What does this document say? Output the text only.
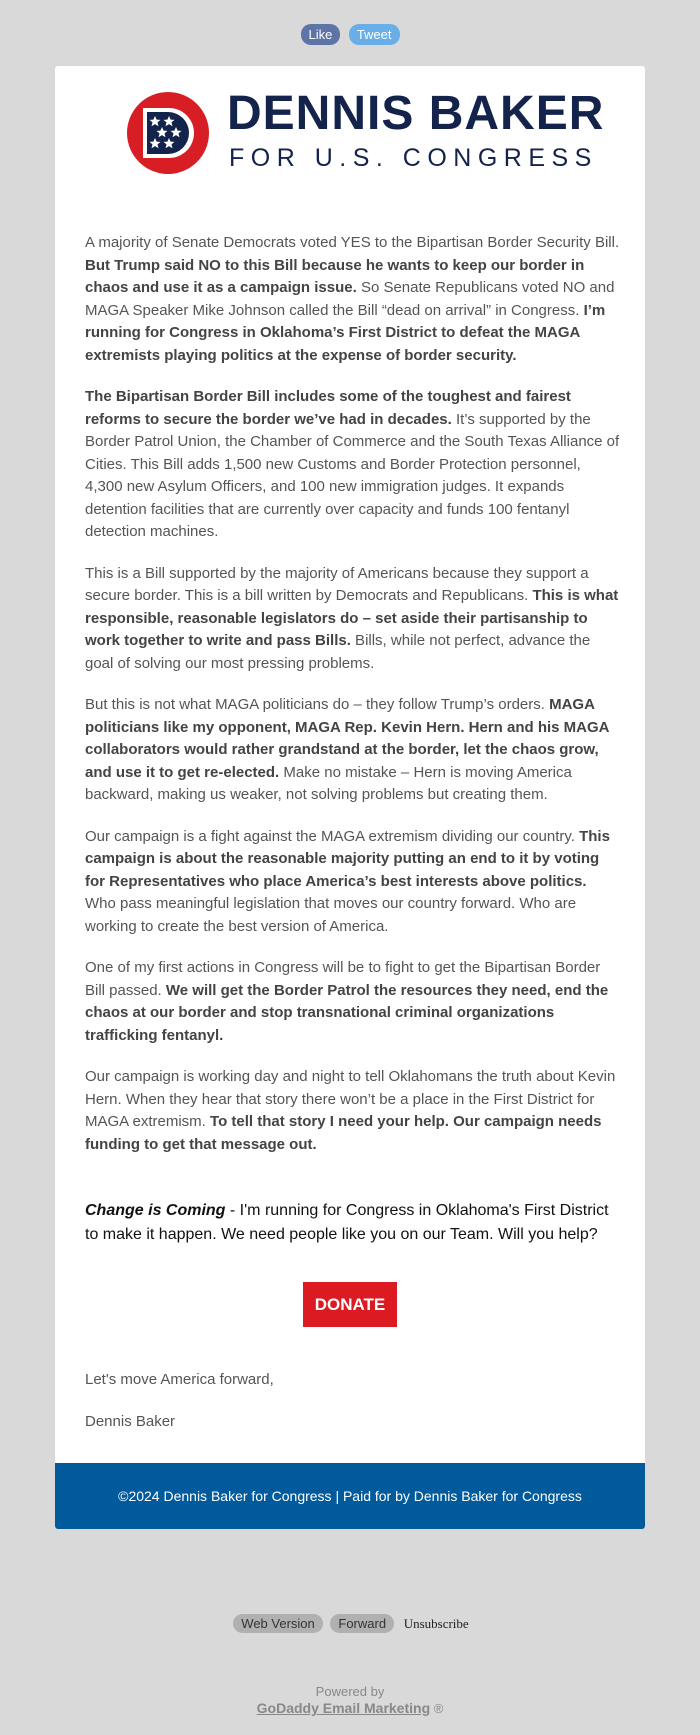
Like Tweet
DENNIS BAKER
FOR U.S. CONGRESS

A majority of Senate Democrats voted YES to the Bipartisan Border Security Bill. But Trump said NO to this Bill because he wants to keep our border in chaos and use it as a campaign issue. So Senate Republicans voted NO and MAGA Speaker Mike Johnson called the Bill “dead on arrival” in Congress. I’m running for Congress in Oklahoma’s First District to defeat the MAGA extremists playing politics at the expense of border security.

The Bipartisan Border Bill includes some of the toughest and fairest reforms to secure the border we’ve had in decades. It’s supported by the Border Patrol Union, the Chamber of Commerce and the South Texas Alliance of Cities. This Bill adds 1,500 new Customs and Border Protection personnel, 4,300 new Asylum Officers, and 100 new immigration judges. It expands detention facilities that are currently over capacity and funds 100 fentanyl detection machines.

This is a Bill supported by the majority of Americans because they support a secure border. This is a bill written by Democrats and Republicans. This is what responsible, reasonable legislators do – set aside their partisanship to work together to write and pass Bills. Bills, while not perfect, advance the goal of solving our most pressing problems.

But this is not what MAGA politicians do – they follow Trump’s orders. MAGA politicians like my opponent, MAGA Rep. Kevin Hern. Hern and his MAGA collaborators would rather grandstand at the border, let the chaos grow, and use it to get re-elected. Make no mistake – Hern is moving America backward, making us weaker, not solving problems but creating them.

Our campaign is a fight against the MAGA extremism dividing our country. This campaign is about the reasonable majority putting an end to it by voting for Representatives who place America’s best interests above politics. Who pass meaningful legislation that moves our country forward. Who are working to create the best version of America.

One of my first actions in Congress will be to fight to get the Bipartisan Border Bill passed. We will get the Border Patrol the resources they need, end the chaos at our border and stop transnational criminal organizations trafficking fentanyl.

Our campaign is working day and night to tell Oklahomans the truth about Kevin Hern. When they hear that story there won’t be a place in the First District for MAGA extremism. To tell that story I need your help. Our campaign needs funding to get that message out.

Change is Coming - I'm running for Congress in Oklahoma's First District to make it happen. We need people like you on our Team. Will you help?
DONATE
Let's move America forward,
Dennis Baker

©2024 Dennis Baker for Congress | Paid for by Dennis Baker for Congress
Web Version Forward Unsubscribe
Powered by
GoDaddy Email Marketing ®
